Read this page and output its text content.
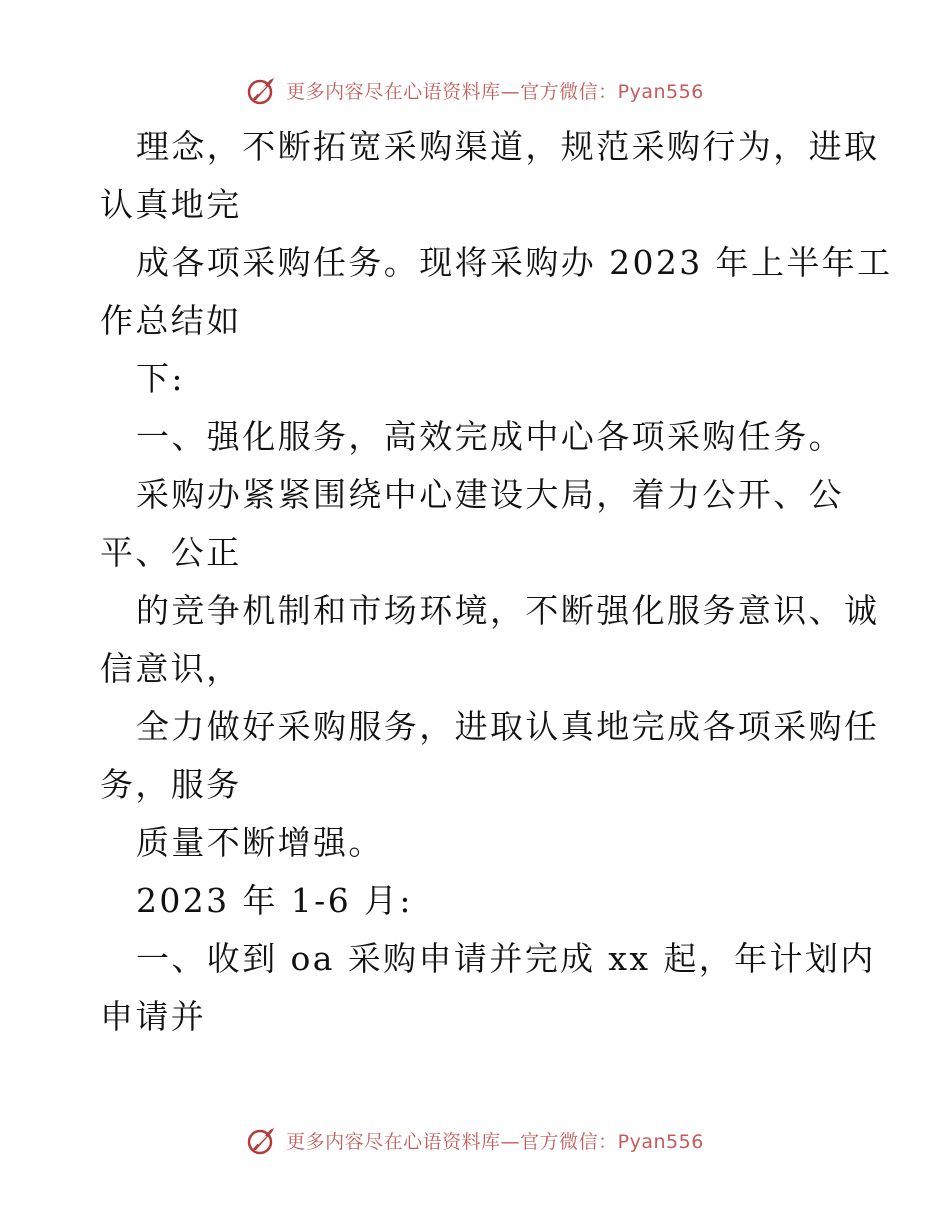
更多内容尽在心语资料库—官方微信：Pyan556
理念，不断拓宽采购渠道，规范采购行为，进取
认真地完
成各项采购任务。现将采购办 2023 年上半年工
作总结如
下:
一、强化服务，高效完成中心各项采购任务。
采购办紧紧围绕中心建设大局，着力公开、公
平、公正
的竞争机制和市场环境，不断强化服务意识、诚
信意识，
全力做好采购服务，进取认真地完成各项采购任
务，服务
质量不断增强。
2023 年 1-6 月:
一、收到 oa 采购申请并完成 xx 起，年计划内
申请并
更多内容尽在心语资料库—官方微信：Pyan556
